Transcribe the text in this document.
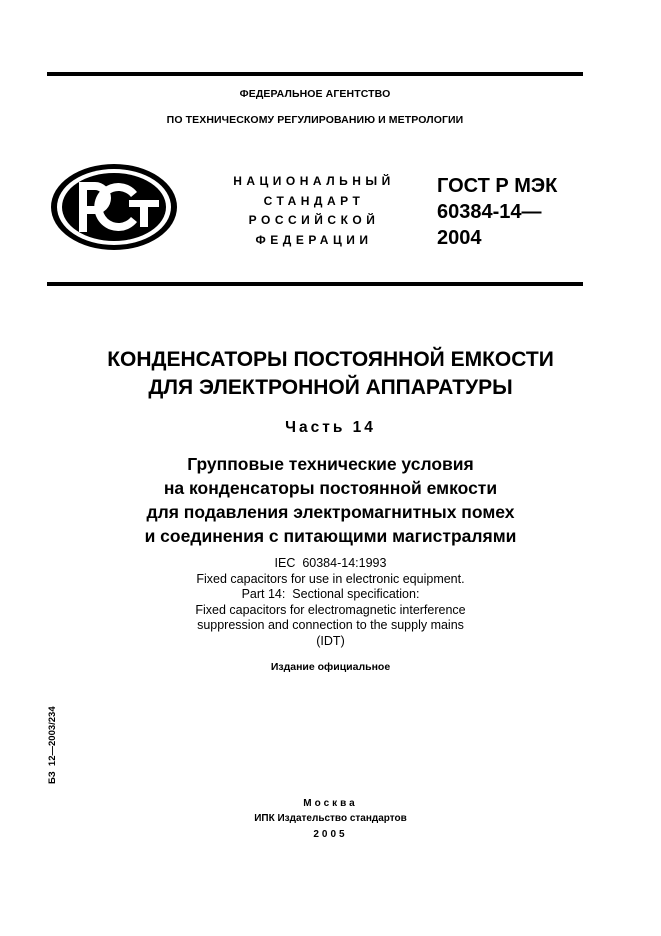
ФЕДЕРАЛЬНОЕ АГЕНТСТВО
ПО ТЕХНИЧЕСКОМУ РЕГУЛИРОВАНИЮ И МЕТРОЛОГИИ
НАЦИОНАЛЬНЫЙ
СТАНДАРТ
РОССИЙСКОЙ
ФЕДЕРАЦИИ
ГОСТ Р МЭК
60384-14—
2004
КОНДЕНСАТОРЫ ПОСТОЯННОЙ ЕМКОСТИ
ДЛЯ ЭЛЕКТРОННОЙ АППАРАТУРЫ
Часть 14
Групповые технические условия
на конденсаторы постоянной емкости
для подавления электромагнитных помех
и соединения с питающими магистралями
IEC  60384-14:1993
Fixed capacitors for use in electronic equipment.
Part 14:  Sectional specification:
Fixed capacitors for electromagnetic interference
suppression and connection to the supply mains
(IDT)
Издание официальное
БЗ  12—2003/234
Москва
ИПК Издательство стандартов
2005
